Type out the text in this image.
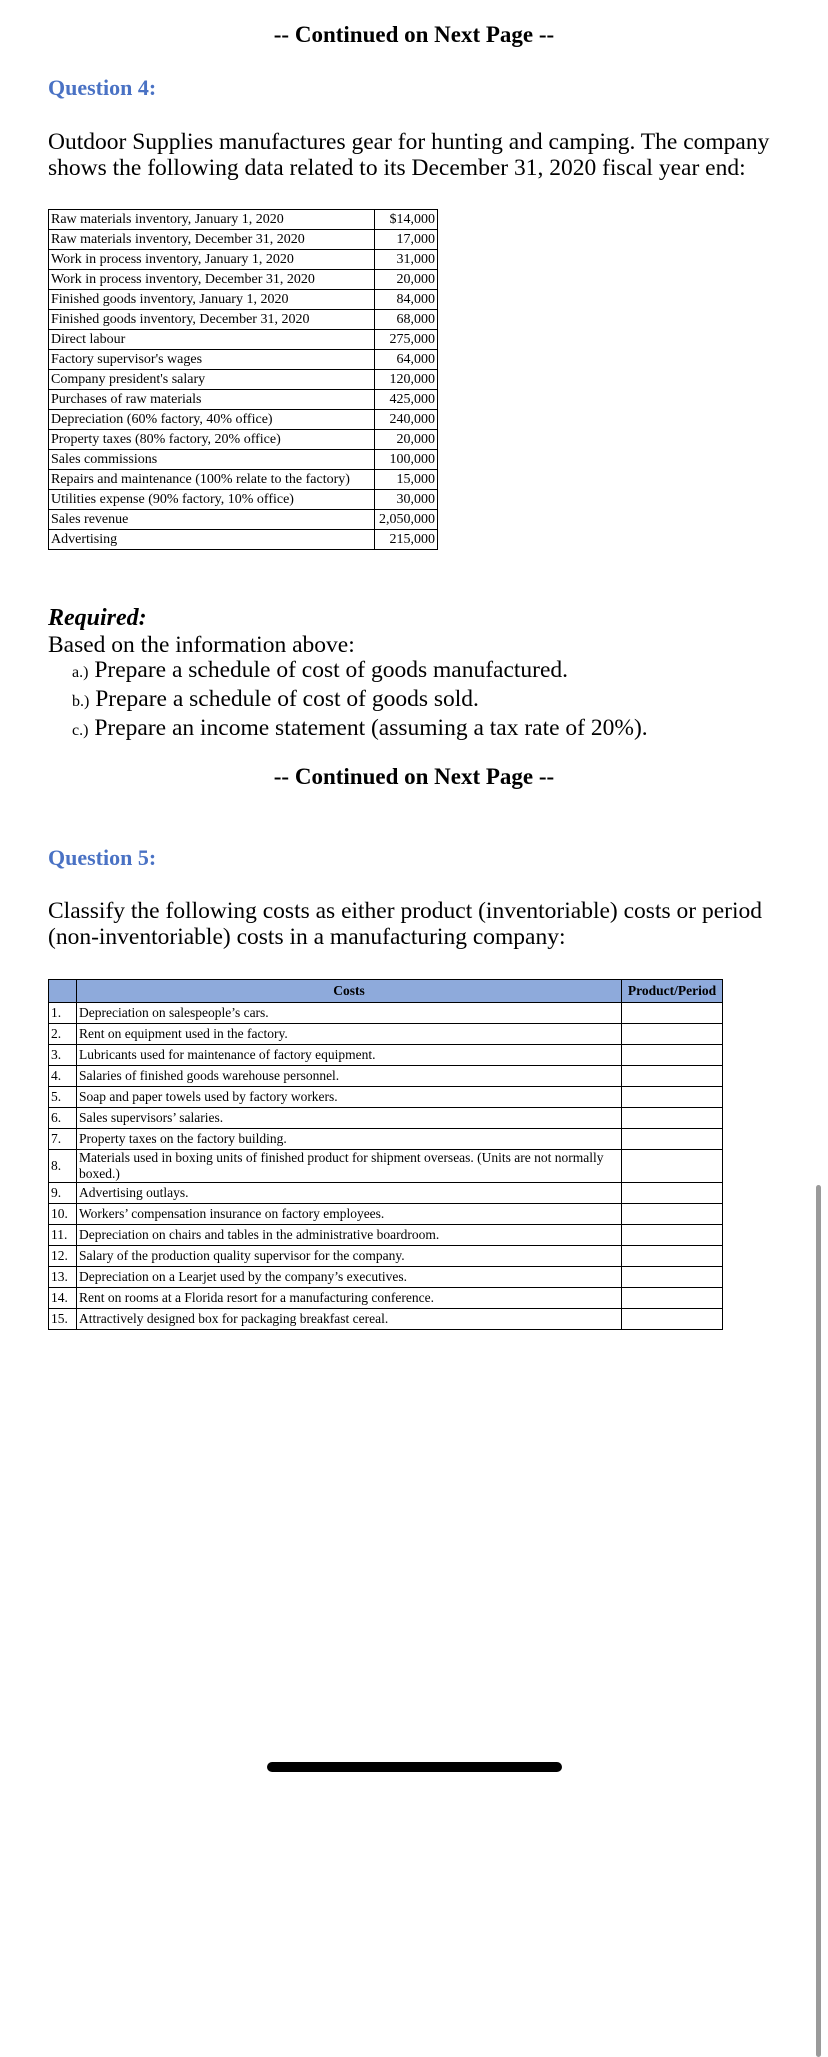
-- Continued on Next Page --
Question 4:
Outdoor Supplies manufactures gear for hunting and camping. The company shows the following data related to its December 31, 2020 fiscal year end:
Raw materials inventory, January 1, 2020	$14,000
Raw materials inventory, December 31, 2020	17,000
Work in process inventory, January 1, 2020	31,000
Work in process inventory, December 31, 2020	20,000
Finished goods inventory, January 1, 2020	84,000
Finished goods inventory, December 31, 2020	68,000
Direct labour	275,000
Factory supervisor's wages	64,000
Company president's salary	120,000
Purchases of raw materials	425,000
Depreciation (60% factory, 40% office)	240,000
Property taxes (80% factory, 20% office)	20,000
Sales commissions	100,000
Repairs and maintenance (100% relate to the factory)	15,000
Utilities expense (90% factory, 10% office)	30,000
Sales revenue	2,050,000
Advertising	215,000
Required:
Based on the information above:
a.) Prepare a schedule of cost of goods manufactured.
b.) Prepare a schedule of cost of goods sold.
c.) Prepare an income statement (assuming a tax rate of 20%).
-- Continued on Next Page --
Question 5:
Classify the following costs as either product (inventoriable) costs or period (non-inventoriable) costs in a manufacturing company:
	Costs	Product/Period
1.	Depreciation on salespeople’s cars.	
2.	Rent on equipment used in the factory.	
3.	Lubricants used for maintenance of factory equipment.	
4.	Salaries of finished goods warehouse personnel.	
5.	Soap and paper towels used by factory workers.	
6.	Sales supervisors’ salaries.	
7.	Property taxes on the factory building.	
8.	Materials used in boxing units of finished product for shipment overseas. (Units are not normally boxed.)	
9.	Advertising outlays.	
10.	Workers’ compensation insurance on factory employees.	
11.	Depreciation on chairs and tables in the administrative boardroom.	
12.	Salary of the production quality supervisor for the company.	
13.	Depreciation on a Learjet used by the company’s executives.	
14.	Rent on rooms at a Florida resort for a manufacturing conference.	
15.	Attractively designed box for packaging breakfast cereal.	
